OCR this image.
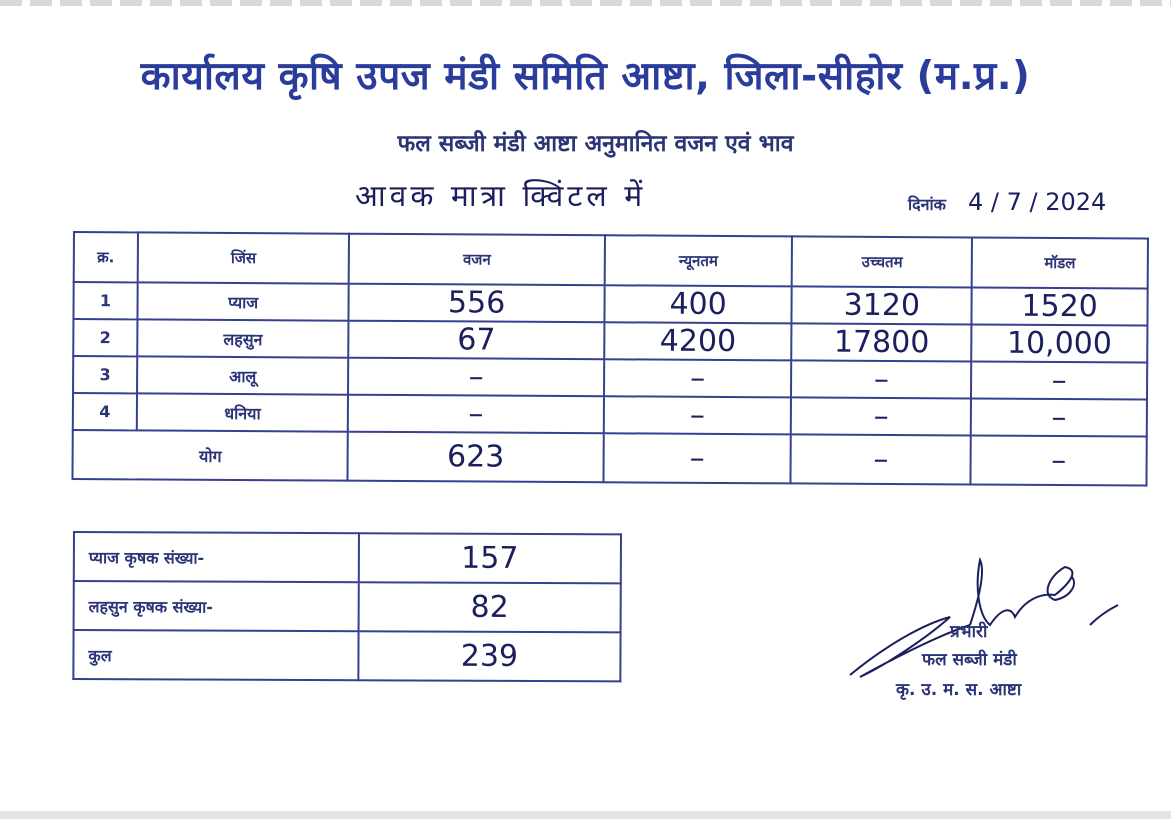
कार्यालय कृषि उपज मंडी समिति आष्टा, जिला-सीहोर (म.प्र.)
फल सब्जी मंडी आष्टा अनुमानित वजन एवं भाव
आवक मात्रा क्विंटल में	दिनांक 4 / 7 / 2024
क्र.	जिंस	वजन	न्यूनतम	उच्चतम	मॉडल
1	प्याज	556	400	3120	1520
2	लहसुन	67	4200	17800	10,000
3	आलू	–	–	–	–
4	धनिया	–	–	–	–
योग		623	–	–	–
प्याज कृषक संख्या-	157
लहसुन कृषक संख्या-	82
कुल	239
प्रभारी
फल सब्जी मंडी
कृ. उ. म. स. आष्टा
